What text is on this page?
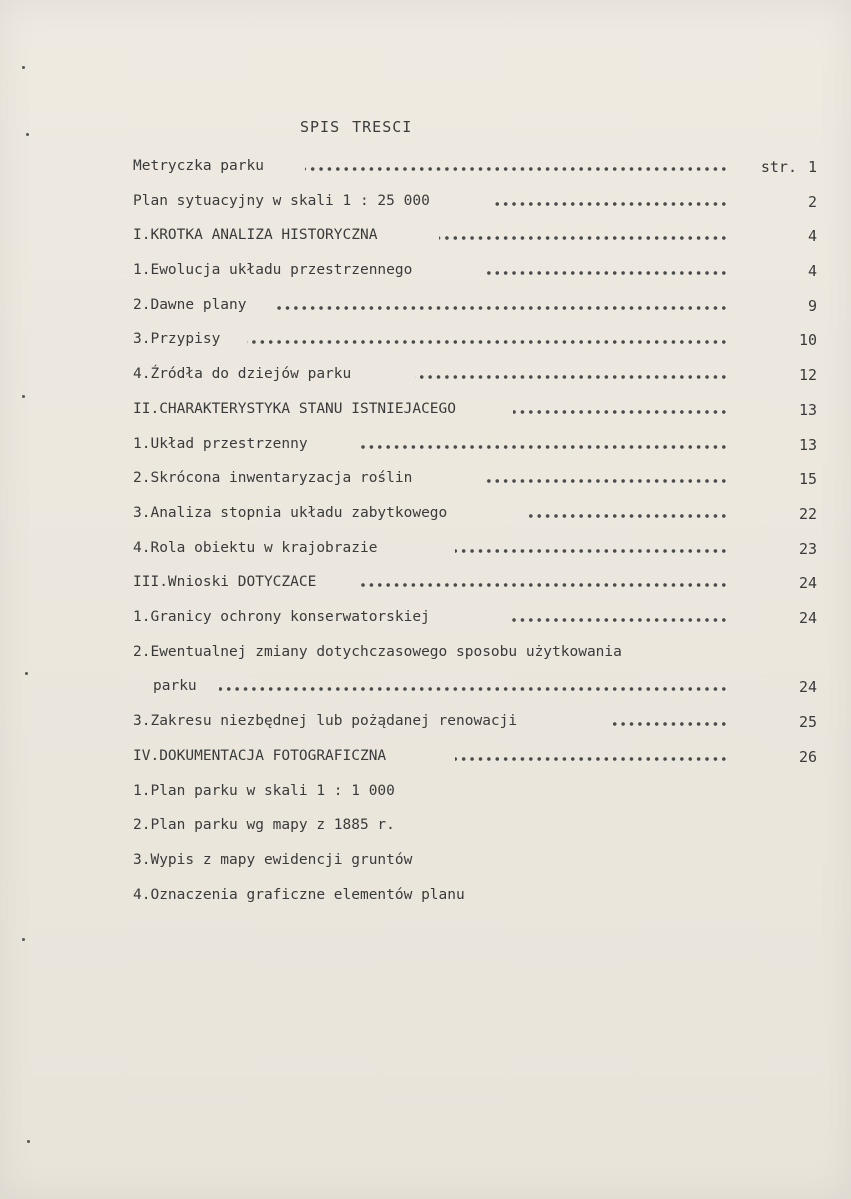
SPIS TRESCI
Metryczka parku	str. 1
Plan sytuacyjny w skali 1 : 25 000	2
I.KROTKA ANALIZA HISTORYCZNA	4
1.Ewolucja układu przestrzennego	4
2.Dawne plany	9
3.Przypisy	10
4.Źródła do dziejów parku	12
II.CHARAKTERYSTYKA STANU ISTNIEJACEGO	13
1.Układ przestrzenny	13
2.Skrócona inwentaryzacja roślin	15
3.Analiza stopnia układu zabytkowego	22
4.Rola obiektu w krajobrazie	23
III.Wnioski DOTYCZACE	24
1.Granicy ochrony konserwatorskiej	24
2.Ewentualnej zmiany dotychczasowego sposobu użytkowania
parku	24
3.Zakresu niezbędnej lub pożądanej renowacji	25
IV.DOKUMENTACJA FOTOGRAFICZNA	26
1.Plan parku w skali 1 : 1 000
2.Plan parku wg mapy z 1885 r.
3.Wypis z mapy ewidencji gruntów
4.Oznaczenia graficzne elementów planu
